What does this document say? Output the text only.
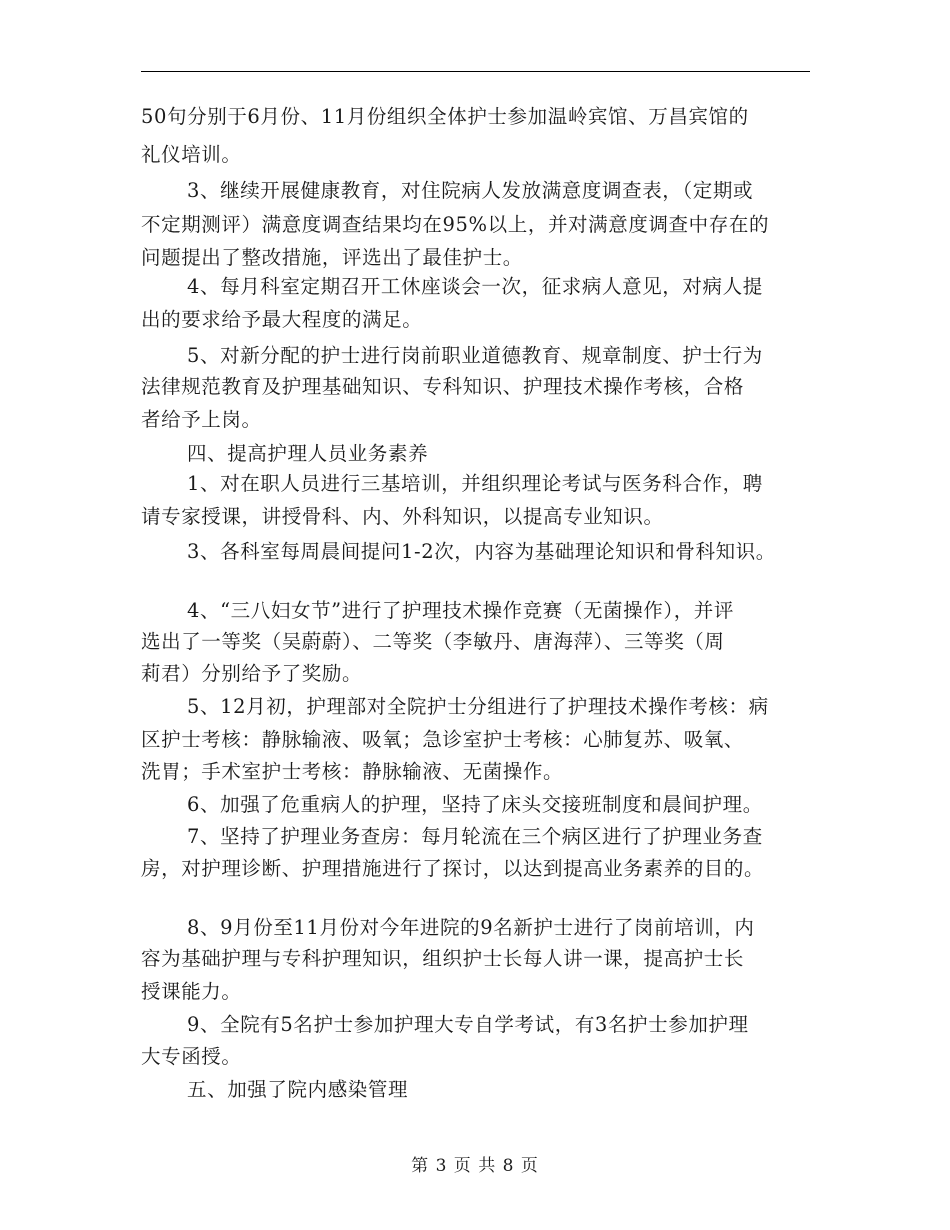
50句分别于6月份、11月份组织全体护士参加温岭宾馆、万昌宾馆的
礼仪培训。
3、继续开展健康教育，对住院病人发放满意度调查表，（定期或
不定期测评）满意度调查结果均在95%以上，并对满意度调查中存在的
问题提出了整改措施，评选出了最佳护士。
4、每月科室定期召开工休座谈会一次，征求病人意见，对病人提
出的要求给予最大程度的满足。
5、对新分配的护士进行岗前职业道德教育、规章制度、护士行为
法律规范教育及护理基础知识、专科知识、护理技术操作考核，合格
者给予上岗。
四、提高护理人员业务素养
1、对在职人员进行三基培训，并组织理论考试与医务科合作，聘
请专家授课，讲授骨科、内、外科知识，以提高专业知识。
3、各科室每周晨间提问1-2次，内容为基础理论知识和骨科知识。
4、“三八妇女节”进行了护理技术操作竞赛（无菌操作），并评
选出了一等奖（吴蔚蔚）、二等奖（李敏丹、唐海萍）、三等奖（周
莉君）分别给予了奖励。
5、12月初，护理部对全院护士分组进行了护理技术操作考核：病
区护士考核：静脉输液、吸氧；急诊室护士考核：心肺复苏、吸氧、
洗胃；手术室护士考核：静脉输液、无菌操作。
6、加强了危重病人的护理，坚持了床头交接班制度和晨间护理。
7、坚持了护理业务查房：每月轮流在三个病区进行了护理业务查
房，对护理诊断、护理措施进行了探讨，以达到提高业务素养的目的。
8、9月份至11月份对今年进院的9名新护士进行了岗前培训，内
容为基础护理与专科护理知识，组织护士长每人讲一课，提高护士长
授课能力。
9、全院有5名护士参加护理大专自学考试，有3名护士参加护理
大专函授。
五、加强了院内感染管理
第 3 页 共 8 页
